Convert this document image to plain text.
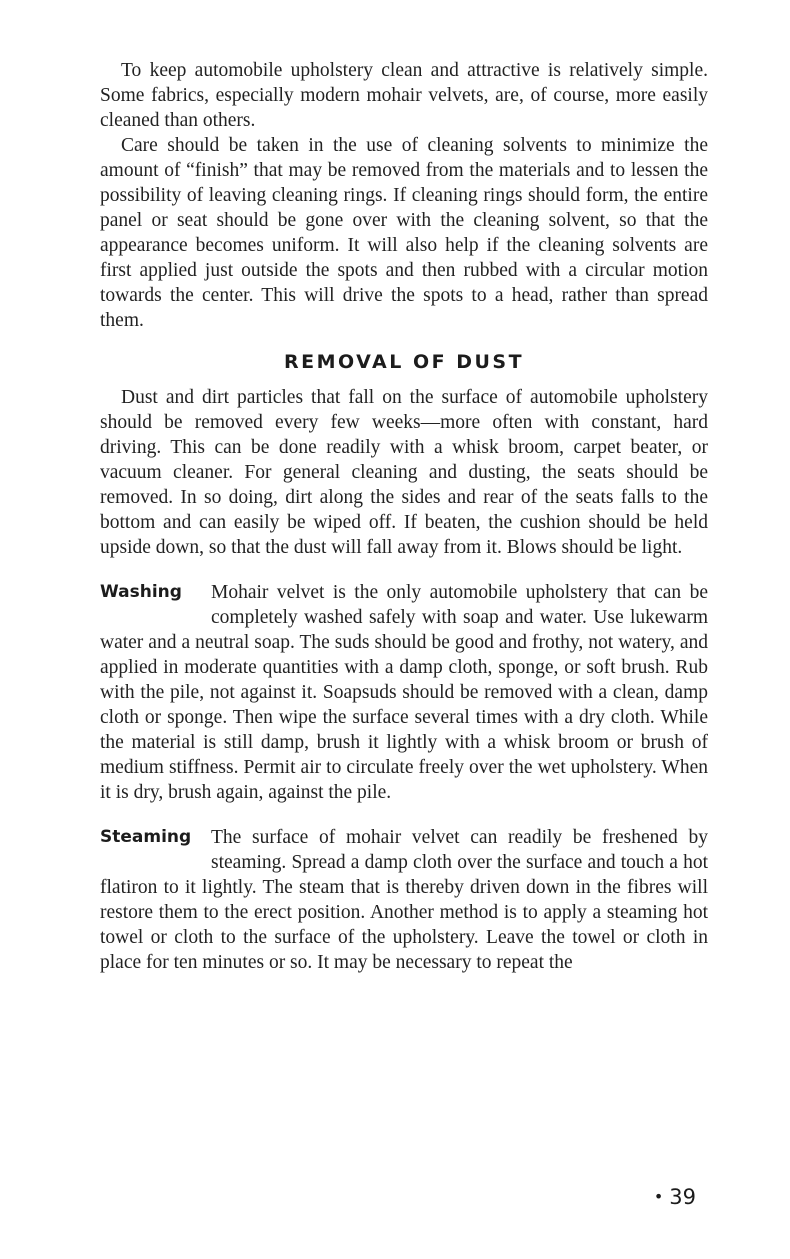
To keep automobile upholstery clean and attractive is relatively simple. Some fabrics, especially modern mohair velvets, are, of course, more easily cleaned than others.

Care should be taken in the use of cleaning solvents to minimize the amount of “finish” that may be removed from the materials and to lessen the possibility of leaving cleaning rings. If cleaning rings should form, the entire panel or seat should be gone over with the cleaning solvent, so that the appearance becomes uniform. It will also help if the cleaning solvents are first applied just outside the spots and then rubbed with a circular motion towards the center. This will drive the spots to a head, rather than spread them.

REMOVAL OF DUST

Dust and dirt particles that fall on the surface of automobile upholstery should be removed every few weeks—more often with constant, hard driving. This can be done readily with a whisk broom, carpet beater, or vacuum cleaner. For general cleaning and dusting, the seats should be removed. In so doing, dirt along the sides and rear of the seats falls to the bottom and can easily be wiped off. If beaten, the cushion should be held upside down, so that the dust will fall away from it. Blows should be light.

Washing	Mohair velvet is the only automobile upholstery that can be completely washed safely with soap and water. Use lukewarm water and a neutral soap. The suds should be good and frothy, not watery, and applied in moderate quantities with a damp cloth, sponge, or soft brush. Rub with the pile, not against it. Soapsuds should be removed with a clean, damp cloth or sponge. Then wipe the surface several times with a dry cloth. While the material is still damp, brush it lightly with a whisk broom or brush of medium stiffness. Permit air to circulate freely over the wet upholstery. When it is dry, brush again, against the pile.

Steaming	The surface of mohair velvet can readily be freshened by steaming. Spread a damp cloth over the surface and touch a hot flatiron to it lightly. The steam that is thereby driven down in the fibres will restore them to the erect position. Another method is to apply a steaming hot towel or cloth to the surface of the upholstery. Leave the towel or cloth in place for ten minutes or so. It may be necessary to repeat the

• 39
